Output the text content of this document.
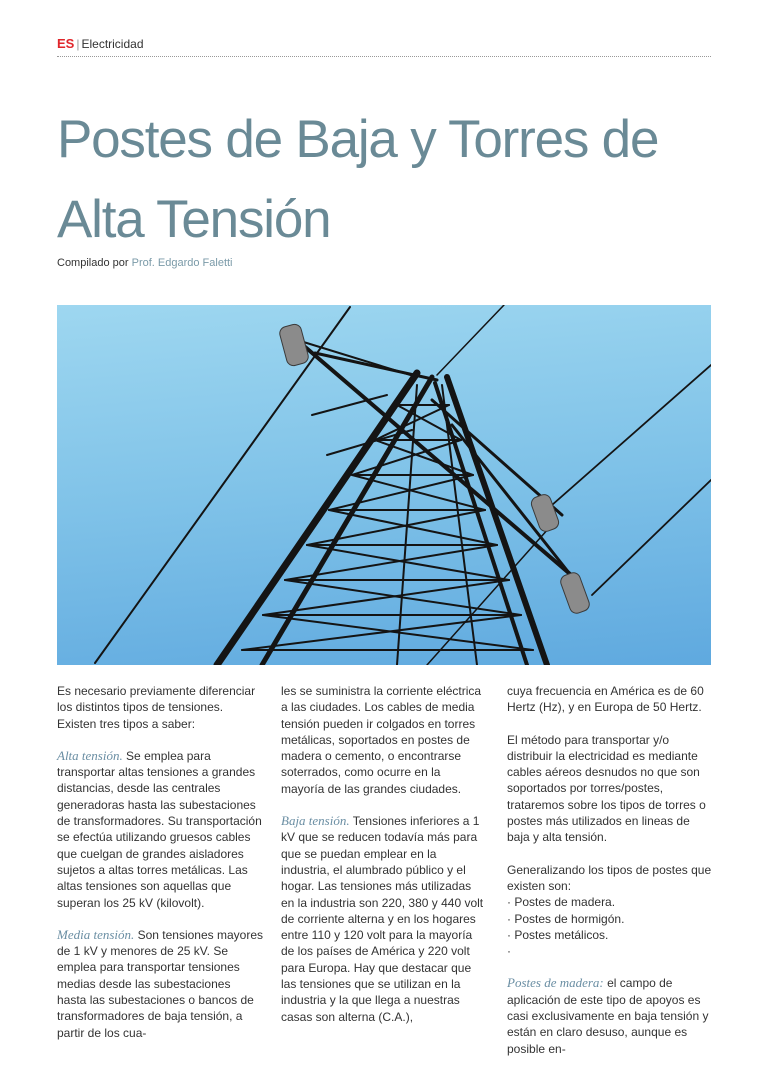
ES | Electricidad
Postes de Baja y Torres de Alta Tensión
Compilado por Prof. Edgardo Faletti

Es necesario previamente diferenciar los distintos tipos de tensiones. Existen tres tipos a saber:

Alta tensión. Se emplea para transportar altas tensiones a grandes distancias, desde las centrales generadoras hasta las subestaciones de transformadores. Su transportación se efectúa utilizando gruesos cables que cuelgan de grandes aisladores sujetos a altas torres metálicas. Las altas tensiones son aquellas que superan los 25 kV (kilovolt).

Media tensión. Son tensiones mayores de 1 kV y menores de 25 kV. Se emplea para transportar tensiones medias desde las subestaciones hasta las subestaciones o bancos de transformadores de baja tensión, a partir de los cua-

les se suministra la corriente eléctrica a las ciudades. Los cables de media tensión pueden ir colgados en torres metálicas, soportados en postes de madera o cemento, o encontrarse soterrados, como ocurre en la mayoría de las grandes ciudades.

Baja tensión. Tensiones inferiores a 1 kV que se reducen todavía más para que se puedan emplear en la industria, el alumbrado público y el hogar. Las tensiones más utilizadas en la industria son 220, 380 y 440 volt de corriente alterna y en los hogares entre 110 y 120 volt para la mayoría de los países de América y 220 volt para Europa. Hay que destacar que las tensiones que se utilizan en la industria y la que llega a nuestras casas son alterna (C.A.),

cuya frecuencia en América es de 60 Hertz (Hz), y en Europa de 50 Hertz.

El método para transportar y/o distribuir la electricidad es mediante cables aéreos desnudos no que son soportados por torres/postes, trataremos sobre los tipos de torres o postes más utilizados en lineas de baja y alta tensión.

Generalizando los tipos de postes que existen son:

· Postes de madera.
· Postes de hormigón.
· Postes metálicos.
·

Postes de madera: el campo de aplicación de este tipo de apoyos es casi exclusivamente en baja tensión y están en claro desuso, aunque es posible en-
